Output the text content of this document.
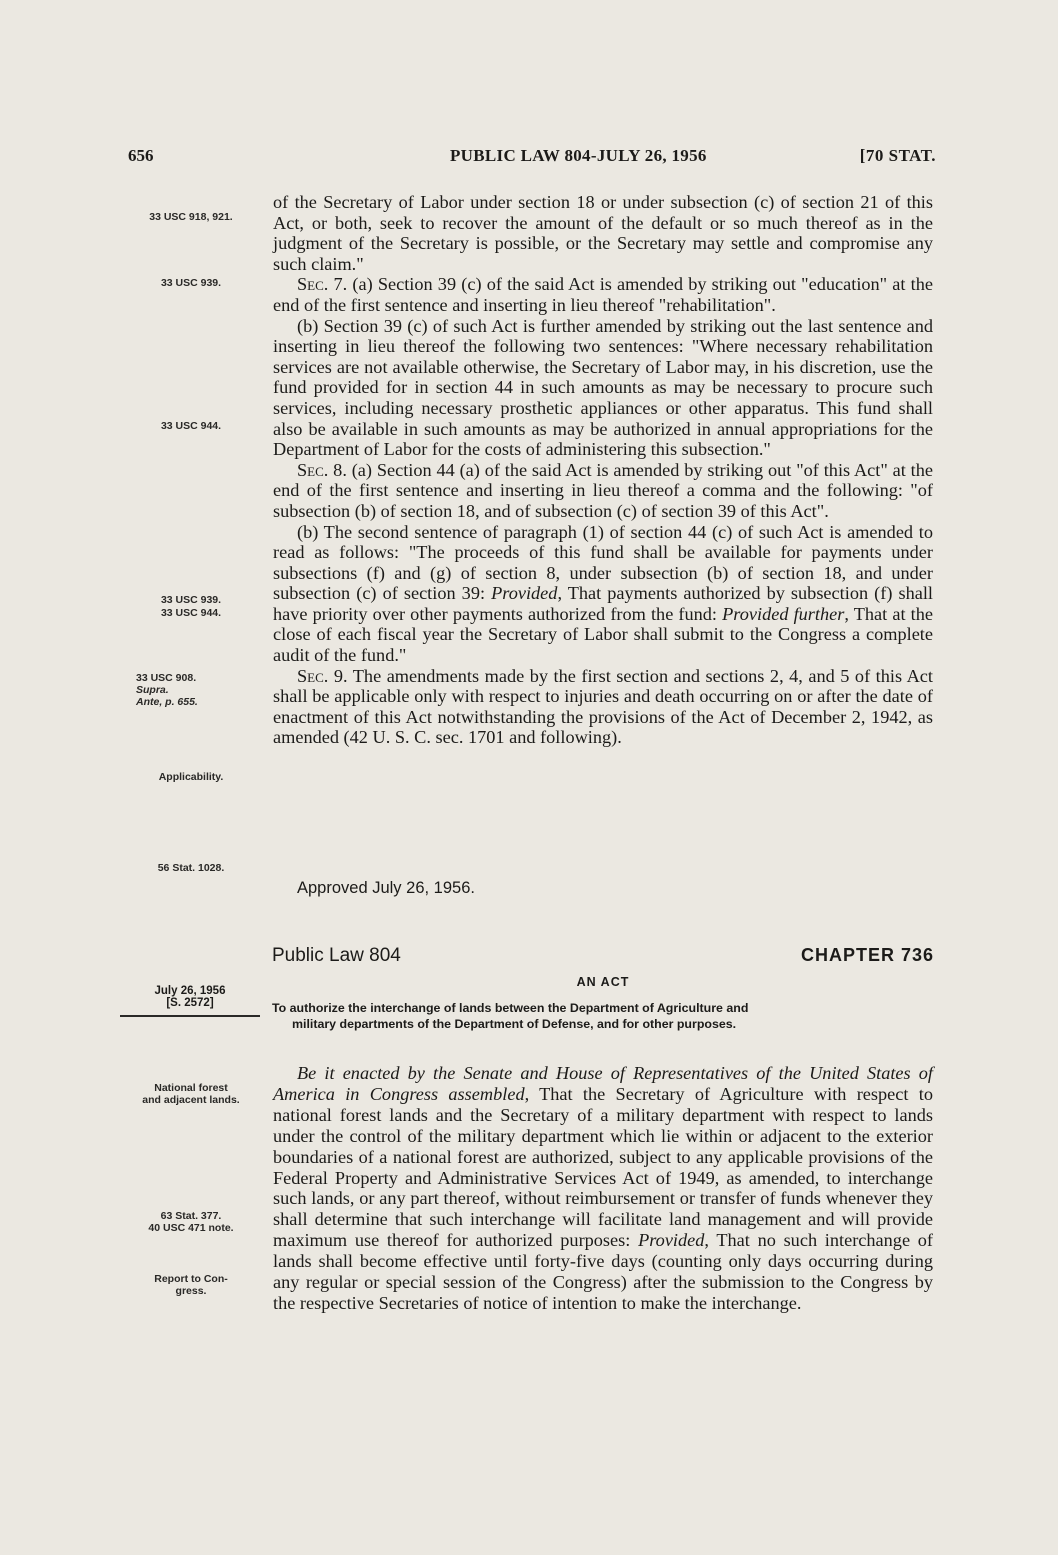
656	PUBLIC LAW 804-JULY 26, 1956	[70 STAT.

of the Secretary of Labor under section 18 or under subsection (c) of section 21 of this Act, or both, seek to recover the amount of the default or so much thereof as in the judgment of the Secretary is possible, or the Secretary may settle and compromise any such claim."

Sec. 7. (a) Section 39 (c) of the said Act is amended by striking out "education" at the end of the first sentence and inserting in lieu thereof "rehabilitation".

(b) Section 39 (c) of such Act is further amended by striking out the last sentence and inserting in lieu thereof the following two sentences: "Where necessary rehabilitation services are not available otherwise, the Secretary of Labor may, in his discretion, use the fund provided for in section 44 in such amounts as may be necessary to procure such services, including necessary prosthetic appliances or other apparatus. This fund shall also be available in such amounts as may be authorized in annual appropriations for the Department of Labor for the costs of administering this subsection."

Sec. 8. (a) Section 44 (a) of the said Act is amended by striking out "of this Act" at the end of the first sentence and inserting in lieu thereof a comma and the following: "of subsection (b) of section 18, and of subsection (c) of section 39 of this Act".

(b) The second sentence of paragraph (1) of section 44 (c) of such Act is amended to read as follows: "The proceeds of this fund shall be available for payments under subsections (f) and (g) of section 8, under subsection (b) of section 18, and under subsection (c) of section 39: Provided, That payments authorized by subsection (f) shall have priority over other payments authorized from the fund: Provided further, That at the close of each fiscal year the Secretary of Labor shall submit to the Congress a complete audit of the fund."

Sec. 9. The amendments made by the first section and sections 2, 4, and 5 of this Act shall be applicable only with respect to injuries and death occurring on or after the date of enactment of this Act notwithstanding the provisions of the Act of December 2, 1942, as amended (42 U. S. C. sec. 1701 and following).

Approved July 26, 1956.
Public Law 804	CHAPTER 736
AN ACT
To authorize the interchange of lands between the Department of Agriculture and
military departments of the Department of Defense, and for other purposes.
July 26, 1956
[S. 2572]

Be it enacted by the Senate and House of Representatives of the United States of America in Congress assembled, That the Secretary of Agriculture with respect to national forest lands and the Secretary of a military department with respect to lands under the control of the military department which lie within or adjacent to the exterior boundaries of a national forest are authorized, subject to any applicable provisions of the Federal Property and Administrative Services Act of 1949, as amended, to interchange such lands, or any part thereof, without reimbursement or transfer of funds whenever they shall determine that such interchange will facilitate land management and will provide maximum use thereof for authorized purposes: Provided, That no such interchange of lands shall become effective until forty-five days (counting only days occurring during any regular or special session of the Congress) after the submission to the Congress by the respective Secretaries of notice of intention to make the interchange.

33 USC 918, 921.
33 USC 939.
33 USC 944.
33 USC 939.
33 USC 944.
33 USC 908.
Supra.
Ante, p. 655.
Applicability.
56 Stat. 1028.
National forest
and adjacent lands.
63 Stat. 377.
40 USC 471 note.
Report to Con-
gress.
